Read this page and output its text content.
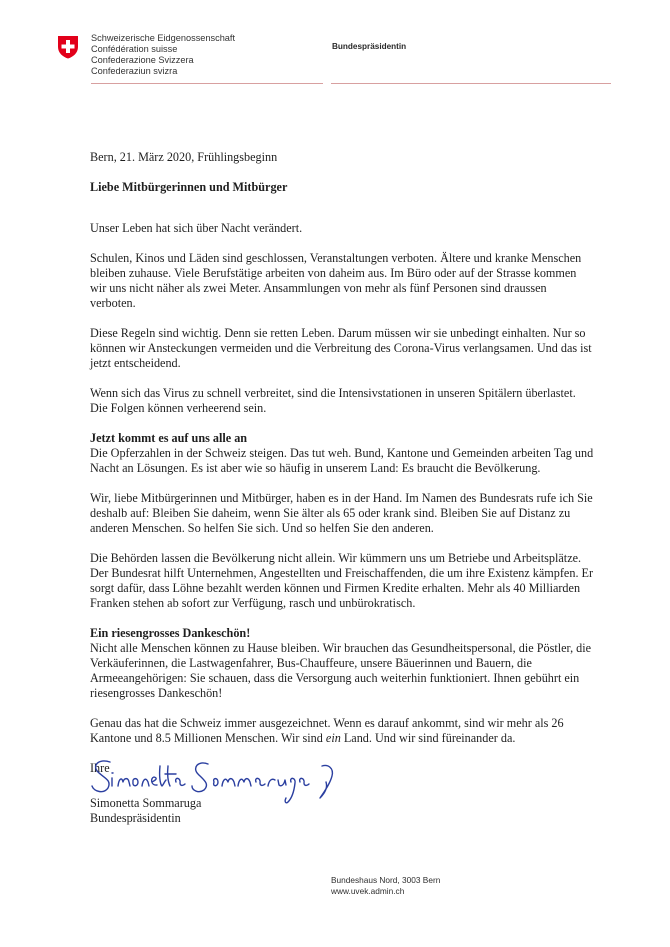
Schweizerische Eidgenossenschaft
Confédération suisse
Confederazione Svizzera
Confederaziun svizra
Bundespräsidentin

Bern, 21. März 2020, Frühlingsbeginn

Liebe Mitbürgerinnen und Mitbürger

Unser Leben hat sich über Nacht verändert.

Schulen, Kinos und Läden sind geschlossen, Veranstaltungen verboten. Ältere und kranke Menschen bleiben zuhause. Viele Berufstätige arbeiten von daheim aus. Im Büro oder auf der Strasse kommen wir uns nicht näher als zwei Meter. Ansammlungen von mehr als fünf Personen sind draussen verboten.

Diese Regeln sind wichtig. Denn sie retten Leben. Darum müssen wir sie unbedingt einhalten. Nur so können wir Ansteckungen vermeiden und die Verbreitung des Corona-Virus verlangsamen. Und das ist jetzt entscheidend.

Wenn sich das Virus zu schnell verbreitet, sind die Intensivstationen in unseren Spitälern überlastet. Die Folgen können verheerend sein.

Jetzt kommt es auf uns alle an

Die Opferzahlen in der Schweiz steigen. Das tut weh. Bund, Kantone und Gemeinden arbeiten Tag und Nacht an Lösungen. Es ist aber wie so häufig in unserem Land: Es braucht die Bevölkerung.

Wir, liebe Mitbürgerinnen und Mitbürger, haben es in der Hand. Im Namen des Bundesrats rufe ich Sie deshalb auf: Bleiben Sie daheim, wenn Sie älter als 65 oder krank sind. Bleiben Sie auf Distanz zu anderen Menschen. So helfen Sie sich. Und so helfen Sie den anderen.

Die Behörden lassen die Bevölkerung nicht allein. Wir kümmern uns um Betriebe und Arbeitsplätze. Der Bundesrat hilft Unternehmen, Angestellten und Freischaffenden, die um ihre Existenz kämpfen. Er sorgt dafür, dass Löhne bezahlt werden können und Firmen Kredite erhalten. Mehr als 40 Milliarden Franken stehen ab sofort zur Verfügung, rasch und unbürokratisch.

Ein riesengrosses Dankeschön!

Nicht alle Menschen können zu Hause bleiben. Wir brauchen das Gesundheitspersonal, die Pöstler, die Verkäuferinnen, die Lastwagenfahrer, Bus-Chauffeure, unsere Bäuerinnen und Bauern, die Armeeangehörigen: Sie schauen, dass die Versorgung auch weiterhin funktioniert. Ihnen gebührt ein riesengrosses Dankeschön!

Genau das hat die Schweiz immer ausgezeichnet. Wenn es darauf ankommt, sind wir mehr als 26 Kantone und 8.5 Millionen Menschen. Wir sind ein Land. Und wir sind füreinander da.

Ihre

Simonetta Sommaruga
Bundespräsidentin
Bundeshaus Nord, 3003 Bern
www.uvek.admin.ch
